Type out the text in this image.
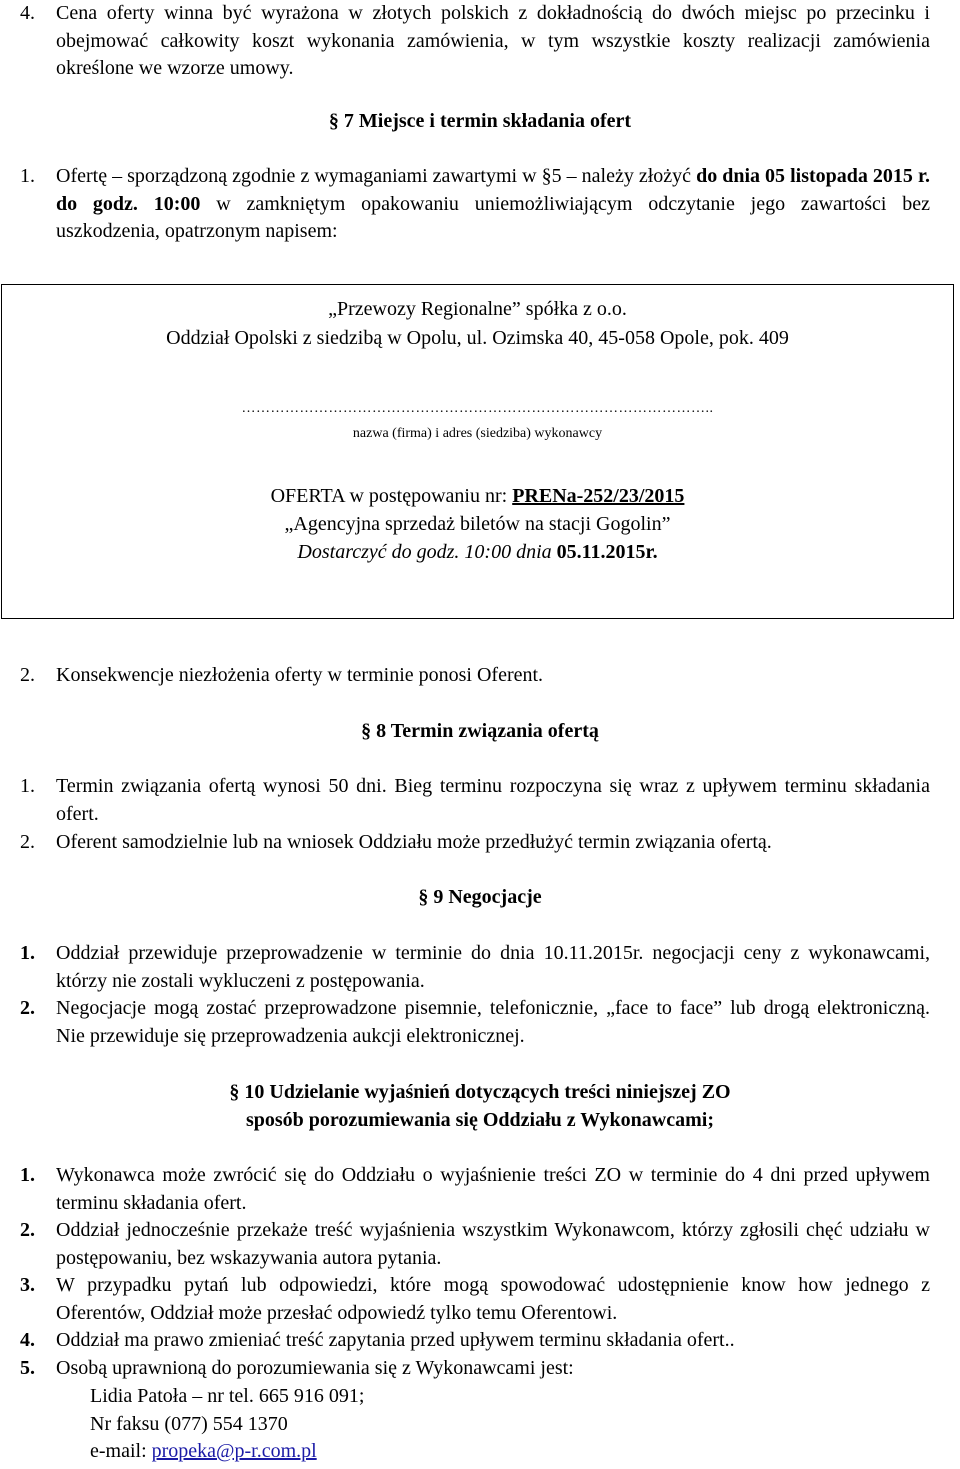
4. Cena oferty winna być wyrażona w złotych polskich z dokładnością do dwóch miejsc po przecinku i obejmować całkowity koszt wykonania zamówienia, w tym wszystkie koszty realizacji zamówienia określone we wzorze umowy.
§ 7 Miejsce i termin składania ofert
1. Ofertę – sporządzoną zgodnie z wymaganiami zawartymi w §5 – należy złożyć do dnia 05 listopada 2015 r. do godz. 10:00 w zamkniętym opakowaniu uniemożliwiającym odczytanie jego zawartości bez uszkodzenia, opatrzonym napisem:
„Przewozy Regionalne” spółka z o.o.
Oddział Opolski z siedzibą w Opolu, ul. Ozimska 40, 45-058 Opole, pok. 409
……………………………………………………………………………………..
nazwa (firma) i adres (siedziba) wykonawcy
OFERTA w postępowaniu nr: PRENa-252/23/2015
„Agencyjna sprzedaż biletów na stacji Gogolin”
Dostarczyć do godz. 10:00 dnia 05.11.2015r.
2. Konsekwencje niezłożenia oferty w terminie ponosi Oferent.
§ 8 Termin związania ofertą
1. Termin związania ofertą wynosi 50 dni. Bieg terminu rozpoczyna się wraz z upływem terminu składania ofert.
2. Oferent samodzielnie lub na wniosek Oddziału może przedłużyć termin związania ofertą.
§ 9 Negocjacje
1. Oddział przewiduje przeprowadzenie w terminie do dnia 10.11.2015r. negocjacji ceny z wykonawcami, którzy nie zostali wykluczeni z postępowania.
2. Negocjacje mogą zostać przeprowadzone pisemnie, telefonicznie, „face to face” lub drogą elektroniczną. Nie przewiduje się przeprowadzenia aukcji elektronicznej.
§ 10 Udzielanie wyjaśnień dotyczących treści niniejszej ZO
sposób porozumiewania się Oddziału z Wykonawcami;
1. Wykonawca może zwrócić się do Oddziału o wyjaśnienie treści ZO w terminie do 4 dni przed upływem terminu składania ofert.
2. Oddział jednocześnie przekaże treść wyjaśnienia wszystkim Wykonawcom, którzy zgłosili chęć udziału w postępowaniu, bez wskazywania autora pytania.
3. W przypadku pytań lub odpowiedzi, które mogą spowodować udostępnienie know how jednego z Oferentów, Oddział może przesłać odpowiedź tylko temu Oferentowi.
4. Oddział ma prawo zmieniać treść zapytania przed upływem terminu składania ofert..
5. Osobą uprawnioną do porozumiewania się z Wykonawcami jest:
Lidia Patoła – nr tel. 665 916 091;
Nr faksu (077) 554 1370
e-mail: propeka@p-r.com.pl
